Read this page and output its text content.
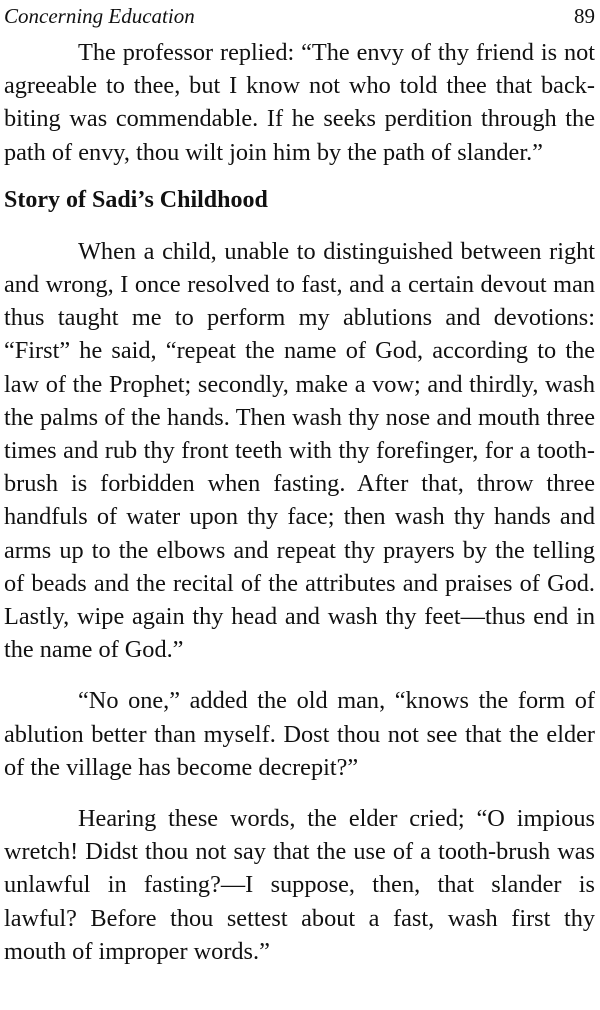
Concerning Education	89

The professor replied: “The envy of thy friend is not agreeable to thee, but I know not who told thee that back-biting was commendable. If he seeks perdition through the path of envy, thou wilt join him by the path of slander.”

Story of Sadi’s Childhood

When a child, unable to distinguished between right and wrong, I once resolved to fast, and a certain devout man thus taught me to perform my ablutions and devotions: “First” he said, “repeat the name of God, according to the law of the Prophet; secondly, make a vow; and thirdly, wash the palms of the hands. Then wash thy nose and mouth three times and rub thy front teeth with thy forefinger, for a tooth-brush is forbidden when fasting. After that, throw three handfuls of water upon thy face; then wash thy hands and arms up to the elbows and repeat thy prayers by the telling of beads and the recital of the attributes and praises of God. Lastly, wipe again thy head and wash thy feet—thus end in the name of God.”

“No one,” added the old man, “knows the form of ablution better than myself. Dost thou not see that the elder of the village has become decrepit?”

Hearing these words, the elder cried; “O impious wretch! Didst thou not say that the use of a tooth-brush was unlawful in fasting?—I suppose, then, that slander is lawful? Before thou settest about a fast, wash first thy mouth of improper words.”
